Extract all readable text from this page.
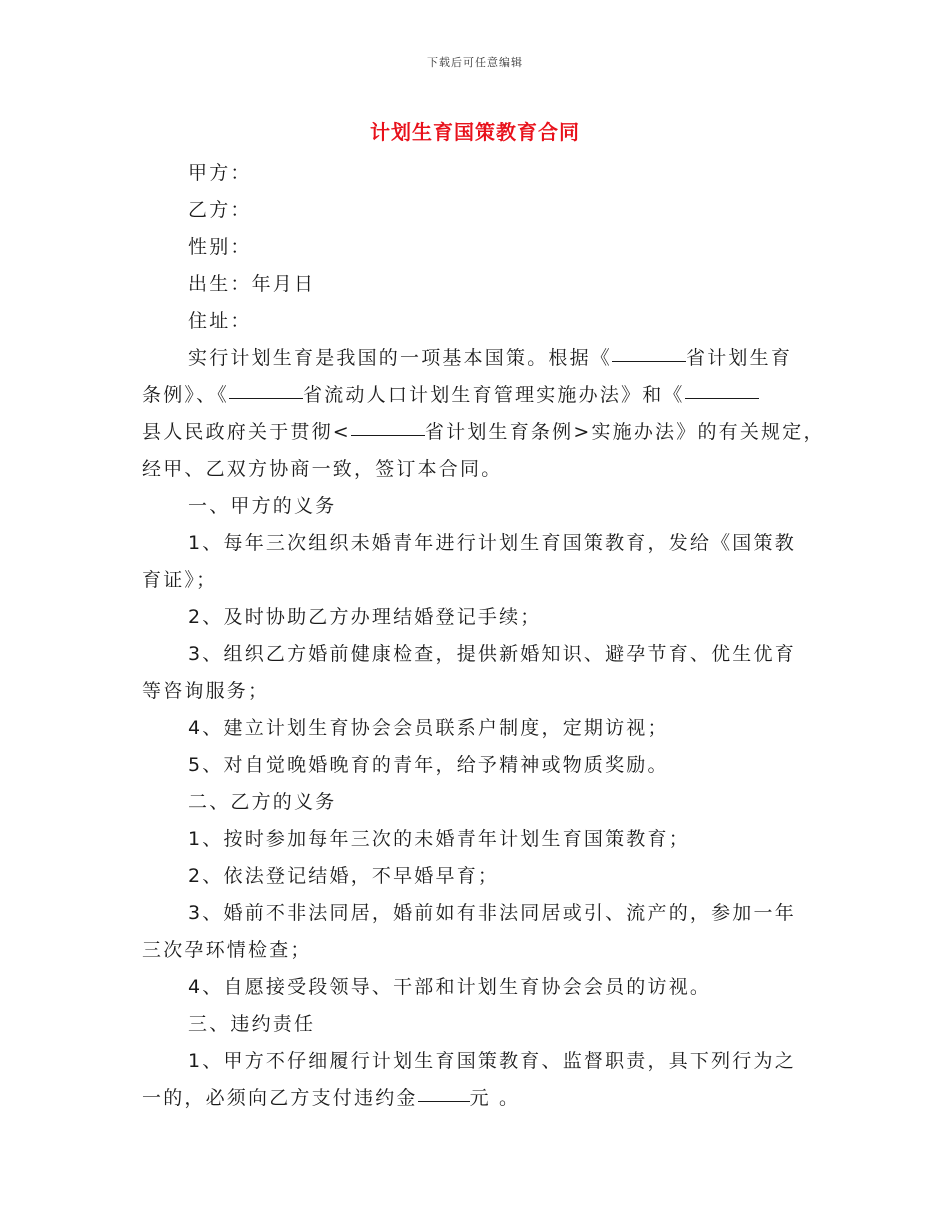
下载后可任意编辑
计划生育国策教育合同
甲方：
乙方：
性别：
出生：年月日
住址：
实行计划生育是我国的一项基本国策。根据《	省计划生育
条例》、《	省流动人口计划生育管理实施办法》和《
县人民政府关于贯彻<	省计划生育条例>实施办法》的有关规定，
经甲、乙双方协商一致，签订本合同。
一、甲方的义务
1、每年三次组织未婚青年进行计划生育国策教育，发给《国策教
育证》；
2、及时协助乙方办理结婚登记手续；
3、组织乙方婚前健康检查，提供新婚知识、避孕节育、优生优育
等咨询服务；
4、建立计划生育协会会员联系户制度，定期访视；
5、对自觉晚婚晚育的青年，给予精神或物质奖励。
二、乙方的义务
1、按时参加每年三次的未婚青年计划生育国策教育；
2、依法登记结婚，不早婚早育；
3、婚前不非法同居，婚前如有非法同居或引、流产的，参加一年
三次孕环情检查；
4、自愿接受段领导、干部和计划生育协会会员的访视。
三、违约责任
1、甲方不仔细履行计划生育国策教育、监督职责，具下列行为之
一的，必须向乙方支付违约金	元 。
